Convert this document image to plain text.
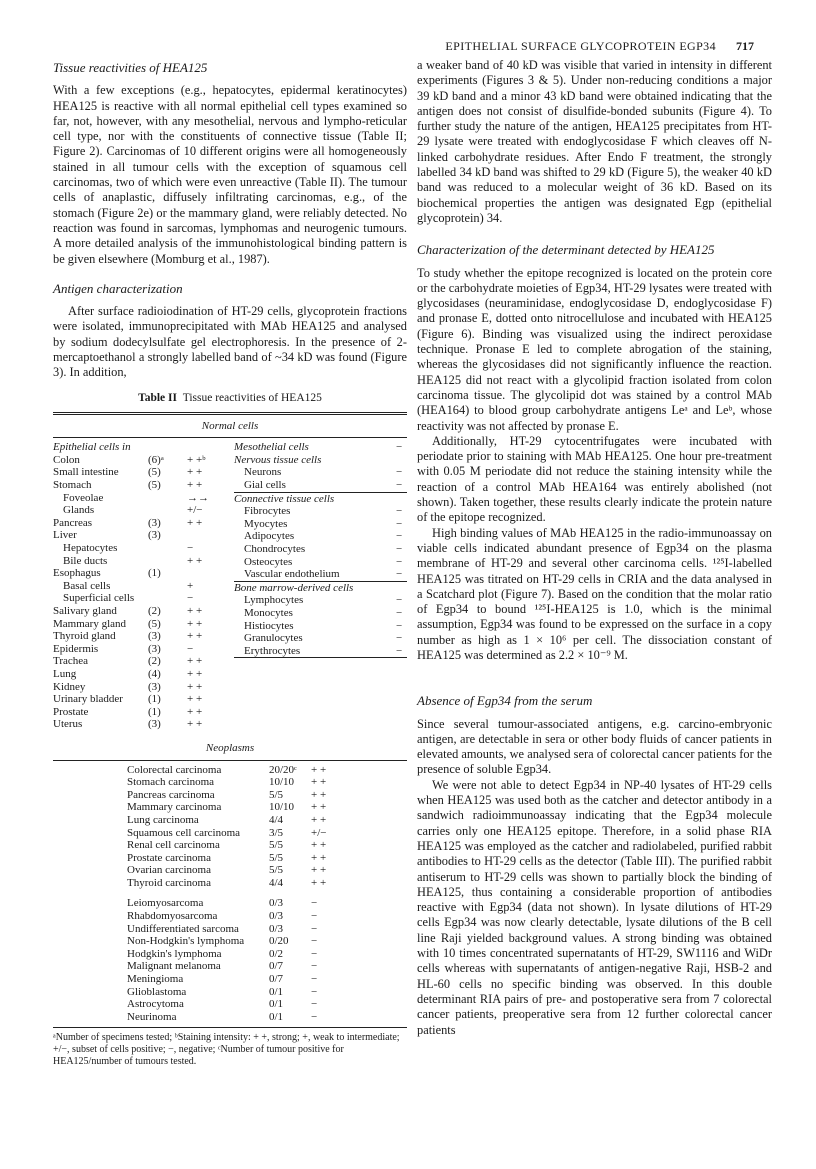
EPITHELIAL SURFACE GLYCOPROTEIN EGP34 717
Tissue reactivities of HEA125

With a few exceptions (e.g., hepatocytes, epidermal keratinocytes) HEA125 is reactive with all normal epithelial cell types examined so far, not, however, with any mesothelial, nervous and lympho-reticular cell type, nor with the constituents of connective tissue (Table II; Figure 2). Carcinomas of 10 different origins were all homogeneously stained in all tumour cells with the exception of squamous cell carcinomas, two of which were even unreactive (Table II). The tumour cells of anaplastic, diffusely infiltrating carcinomas, e.g., of the stomach (Figure 2e) or the mammary gland, were reliably detected. No reaction was found in sarcomas, lymphomas and neurogenic tumours. A more detailed analysis of the immunohistological binding pattern is be given elsewhere (Momburg et al., 1987).

Antigen characterization

After surface radioiodination of HT-29 cells, glycoprotein fractions were isolated, immunoprecipitated with MAb HEA125 and analysed by sodium dodecylsulfate gel electrophoresis. In the presence of 2-mercaptoethanol a strongly labelled band of ~34 kD was found (Figure 3). In addition,

Table II Tissue reactivities of HEA125
Normal cells
Epithelial cells in
Colon	(6)ᵃ + +ᵇ
Small intestine	(5) + +
Stomach	(5) + +
Foveolae	→→
Glands	+/−
Pancreas	(3) + +
Liver	(3)
Hepatocytes	−
Bile ducts	+ +
Esophagus	(1)
Basal cells	+
Superficial cells	−
Salivary gland	(2) + +
Mammary gland (5) + +
Thyroid gland	(3) + +
Epidermis	(3) −
Trachea	(2) + +
Lung	(4) + +
Kidney	(3) + +
Urinary bladder (1) + +
Prostate	(1) + +
Uterus	(3) + +
Mesothelial cells	−
Nervous tissue cells
Neurons	−
Gial cells	−
Connective tissue cells
Fibrocytes	−
Myocytes	−
Adipocytes	−
Chondrocytes	−
Osteocytes	−
Vascular endothelium	−
Bone marrow-derived cells
Lymphocytes	−
Monocytes	−
Histiocytes	−
Granulocytes	−
Erythrocytes	−
Neoplasms
Colorectal carcinoma	20/20ᶜ + +
Stomach carcinoma	10/10 + +
Pancreas carcinoma	5/5	+ +
Mammary carcinoma	10/10 + +
Lung carcinoma	4/4	+ +
Squamous cell carcinoma	3/5	+/−
Renal cell carcinoma	5/5	+ +
Prostate carcinoma	5/5	+ +
Ovarian carcinoma	5/5	+ +
Thyroid carcinoma	4/4	+ +
Leiomyosarcoma	0/3	−
Rhabdomyosarcoma	0/3	−
Undifferentiated sarcoma	0/3	−
Non-Hodgkin's lymphoma 0/20 −
Hodgkin's lymphoma	0/2	−
Malignant melanoma	0/7	−
Meningioma	0/7	−
Glioblastoma	0/1	−
Astrocytoma	0/1	−
Neurinoma	0/1	−
ᵃNumber of specimens tested; ᵇStaining intensity: + +, strong; +, weak to intermediate; +/−, subset of cells positive; −, negative; ᶜNumber of tumour positive for HEA125/number of tumours tested.

a weaker band of 40 kD was visible that varied in intensity in different experiments (Figures 3 & 5). Under non-reducing conditions a major 39 kD band and a minor 43 kD band were obtained indicating that the antigen does not consist of disulfide-bonded subunits (Figure 4). To further study the nature of the antigen, HEA125 precipitates from HT-29 lysate were treated with endoglycosidase F which cleaves off N-linked carbohydrate residues. After Endo F treatment, the strongly labelled 34 kD band was shifted to 29 kD (Figure 5), the weaker 40 kD band was reduced to a molecular weight of 36 kD. Based on its biochemical properties the antigen was designated Egp (epithelial glycoprotein) 34.

Characterization of the determinant detected by HEA125

To study whether the epitope recognized is located on the protein core or the carbohydrate moieties of Egp34, HT-29 lysates were treated with glycosidases (neuraminidase, endoglycosidase D, endoglycosidase F) and pronase E, dotted onto nitrocellulose and incubated with HEA125 (Figure 6). Binding was visualized using the indirect peroxidase technique. Pronase E led to complete abrogation of the staining, whereas the glycosidases did not significantly influence the reaction. HEA125 did not react with a glycolipid fraction isolated from colon carcinoma tissue. The glycolipid dot was stained by a control MAb (HEA164) to blood group carbohydrate antigens Leᵃ and Leᵇ, whose reactivity was not affected by pronase E.

Additionally, HT-29 cytocentrifugates were incubated with periodate prior to staining with MAb HEA125. One hour pre-treatment with 0.05 M periodate did not reduce the staining intensity while the reaction of a control MAb HEA164 was entirely abolished (not shown). Taken together, these results clearly indicate the protein nature of the epitope recognized.

High binding values of MAb HEA125 in the radio-immunoassay on viable cells indicated abundant presence of Egp34 on the plasma membrane of HT-29 and several other carcinoma cells. ¹²⁵I-labelled HEA125 was titrated on HT-29 cells in CRIA and the data analysed in a Scatchard plot (Figure 7). Based on the condition that the molar ratio of Egp34 to bound ¹²⁵I-HEA125 is 1.0, which is the minimal assumption, Egp34 was found to be expressed on the surface in a copy number as high as 1 × 10⁶ per cell. The dissociation constant of HEA125 was determined as 2.2 × 10⁻⁹ M.

Absence of Egp34 from the serum

Since several tumour-associated antigens, e.g. carcino-embryonic antigen, are detectable in sera or other body fluids of cancer patients in elevated amounts, we analysed sera of colorectal cancer patients for the presence of soluble Egp34.

We were not able to detect Egp34 in NP-40 lysates of HT-29 cells when HEA125 was used both as the catcher and detector antibody in a sandwich radioimmunoassay indicating that the Egp34 molecule carries only one HEA125 epitope. Therefore, in a solid phase RIA HEA125 was employed as the catcher and radiolabeled, purified rabbit antibodies to HT-29 cells as the detector (Table III). The purified rabbit antiserum to HT-29 cells was shown to partially block the binding of HEA125, thus containing a considerable proportion of antibodies reactive with Egp34 (data not shown). In lysate dilutions of HT-29 cells Egp34 was now clearly detectable, lysate dilutions of the B cell line Raji yielded background values. A strong binding was obtained with 10 times concentrated supernatants of HT-29, SW1116 and WiDr cells whereas with supernatants of antigen-negative Raji, HSB-2 and HL-60 cells no specific binding was observed. In this double determinant RIA pairs of pre- and postoperative sera from 7 colorectal cancer patients, preoperative sera from 12 further colorectal cancer patients
